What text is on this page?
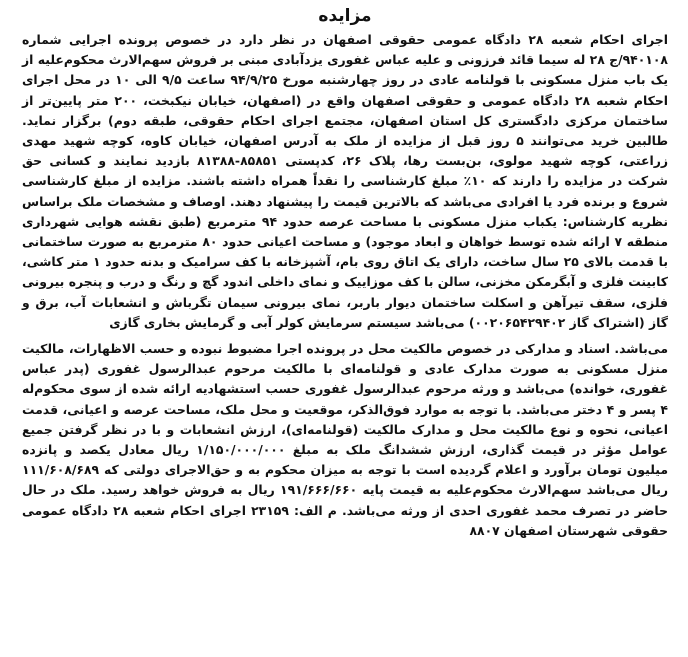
مزایده

اجرای احکام شعبه ۲۸ دادگاه عمومی حقوقی اصفهان در نظر دارد در خصوص پرونده اجرایی شماره ۹۴۰۱۰۸/ج ۲۸ له سیما قائد فرزونی و علیه عباس غفوری یزدآبادی مبنی بر فروش سهم‌الارث محکوم‌علیه از یک باب منزل مسکونی با قولنامه عادی در روز چهارشنبه مورخ ۹۴/۹/۲۵ ساعت ۹/۵ الی ۱۰ در محل اجرای احکام شعبه ۲۸ دادگاه عمومی و حقوقی اصفهان واقع در (اصفهان، خیابان نیکبخت، ۲۰۰ متر پایین‌تر از ساختمان مرکزی دادگستری کل استان اصفهان، مجتمع اجرای احکام حقوقی، طبقه دوم) برگزار نماید. طالبین خرید می‌توانند ۵ روز قبل از مزایده از ملک به آدرس اصفهان، خیابان کاوه، کوچه شهید مهدی زراعتی، کوچه شهید مولوی، بن‌بست رها، پلاک ۲۶، کدپستی ۸۵۸۵۱-۸۱۳۸۸ بازدید نمایند و کسانی حق شرکت در مزایده را دارند که ۱۰٪ مبلغ کارشناسی را نقداً همراه داشته باشند. مزایده از مبلغ کارشناسی شروع و برنده فرد یا افرادی می‌باشد که بالاترین قیمت را پیشنهاد دهند. اوصاف و مشخصات ملک براساس نظریه کارشناس: یکباب منزل مسکونی با مساحت عرصه حدود ۹۴ مترمربع (طبق نقشه هوایی شهرداری منطقه ۷ ارائه شده توسط خواهان و ابعاد موجود) و مساحت اعیانی حدود ۸۰ مترمربع به صورت ساختمانی با قدمت بالای ۲۵ سال ساخت، دارای یک اتاق روی بام، آشپزخانه با کف سرامیک و بدنه حدود ۱ متر کاشی، کابینت فلزی و آبگرمکن مخزنی، سالن با کف موزاییک و نمای داخلی اندود گچ و رنگ و درب و پنجره بیرونی فلزی، سقف تیرآهن و اسکلت ساختمان دیوار باربر، نمای بیرونی سیمان تگرباش و انشعابات آب، برق و گاز (اشتراک گاز ۰۰۲۰۶۵۴۲۹۴۰۲) می‌باشد سیستم سرمایش کولر آبی و گرمایش بخاری گازی

می‌باشد. اسناد و مدارکی در خصوص مالکیت محل در پرونده اجرا مضبوط نبوده و حسب الاظهارات، مالکیت منزل مسکونی به صورت مدارک عادی و قولنامه‌ای با مالکیت مرحوم عبدالرسول غفوری (پدر عباس غفوری، خوانده) می‌باشد و ورثه مرحوم عبدالرسول غفوری حسب استشهادیه ارائه شده از سوی محکوم‌له ۴ پسر و ۴ دختر می‌باشد. با توجه به موارد فوق‌الذکر، موقعیت و محل ملک، مساحت عرصه و اعیانی، قدمت اعیانی، نحوه و نوع مالکیت محل و مدارک مالکیت (قولنامه‌ای)، ارزش انشعابات و با در نظر گرفتن جمیع عوامل مؤثر در قیمت گذاری، ارزش ششدانگ ملک به مبلغ ۱/۱۵۰/۰۰۰/۰۰۰ ریال معادل یکصد و پانزده میلیون تومان برآورد و اعلام گردیده است با توجه به میزان محکوم به و حق‌الاجرای دولتی که ۱۱۱/۶۰۸/۶۸۹ ریال می‌باشد سهم‌الارث محکوم‌علیه به قیمت پایه ۱۹۱/۶۶۶/۶۶۰ ریال به فروش خواهد رسید. ملک در حال حاضر در تصرف محمد غفوری احدی از ورثه می‌باشد. م الف: ۲۳۱۵۹ اجرای احکام شعبه ۲۸ دادگاه عمومی حقوقی شهرستان اصفهان ۸۸۰۷
